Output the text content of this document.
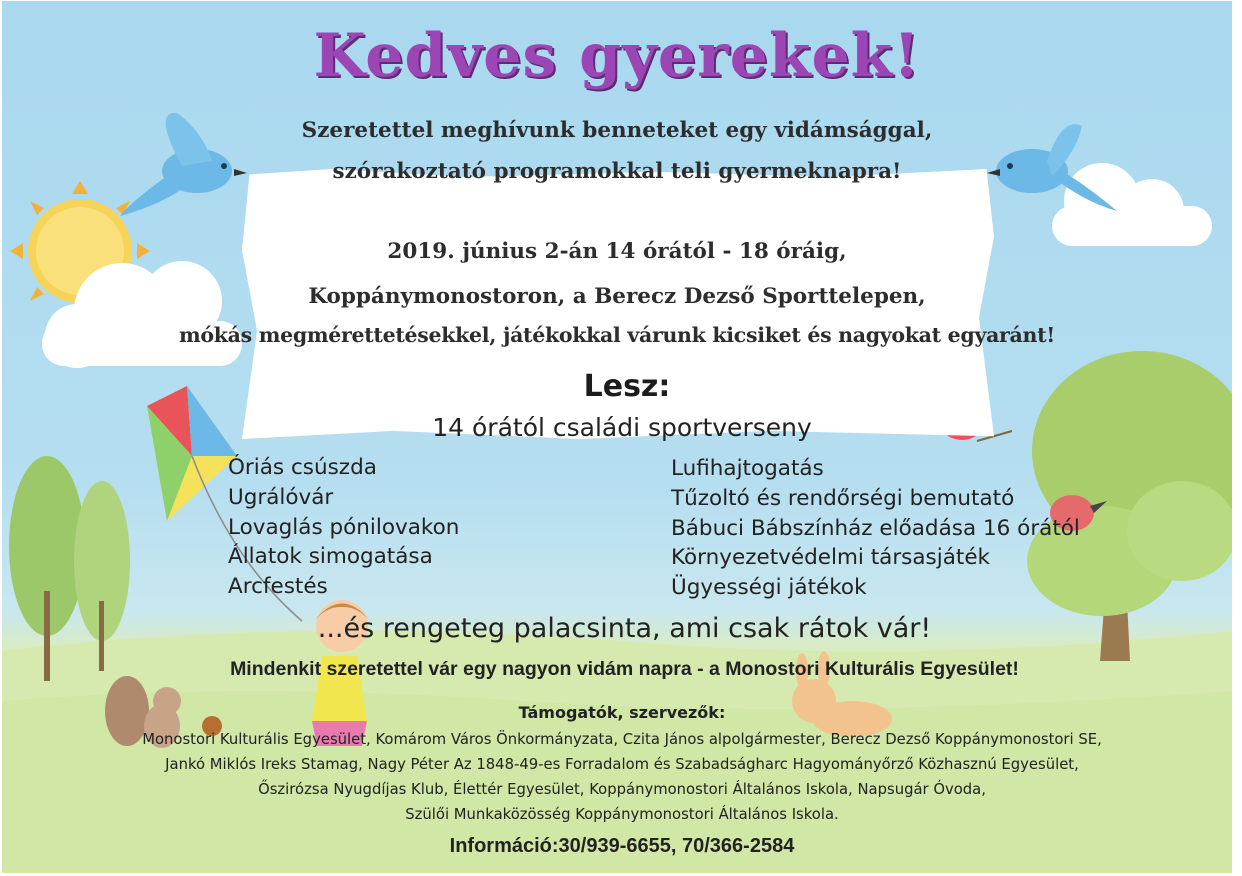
Kedves gyerekek!
Szeretettel meghívunk benneteket egy vidámsággal,
szórakoztató programokkal teli gyermeknapra!
2019. június 2-án 14 órától - 18 óráig,
Koppánymonostoron, a Berecz Dezső Sporttelepen,
mókás megmérettetésekkel, játékokkal várunk kicsiket és nagyokat egyaránt!
Lesz:
14 órától családi sportverseny
Óriás csúszda
Ugrálóvár
Lovaglás pónilovakon
Állatok simogatása
Arcfestés
Lufihajtogatás
Tűzoltó és rendőrségi bemutató
Bábuci Bábszínház előadása 16 órától
Környezetvédelmi társasjáték
Ügyességi játékok
...és rengeteg palacsinta, ami csak rátok vár!
Mindenkit szeretettel vár egy nagyon vidám napra - a Monostori Kulturális Egyesület!
Támogatók, szervezők:
Monostori Kulturális Egyesület, Komárom Város Önkormányzata, Czita János alpolgármester, Berecz Dezső Koppánymonostori SE,
Jankó Miklós Ireks Stamag, Nagy Péter Az 1848-49-es Forradalom és Szabadságharc Hagyományőrző Közhasznú Egyesület,
Őszirózsa Nyugdíjas Klub, Élettér Egyesület, Koppánymonostori Általános Iskola, Napsugár Óvoda,
Szülői Munkaközösség Koppánymonostori Általános Iskola.
Információ:30/939-6655, 70/366-2584
